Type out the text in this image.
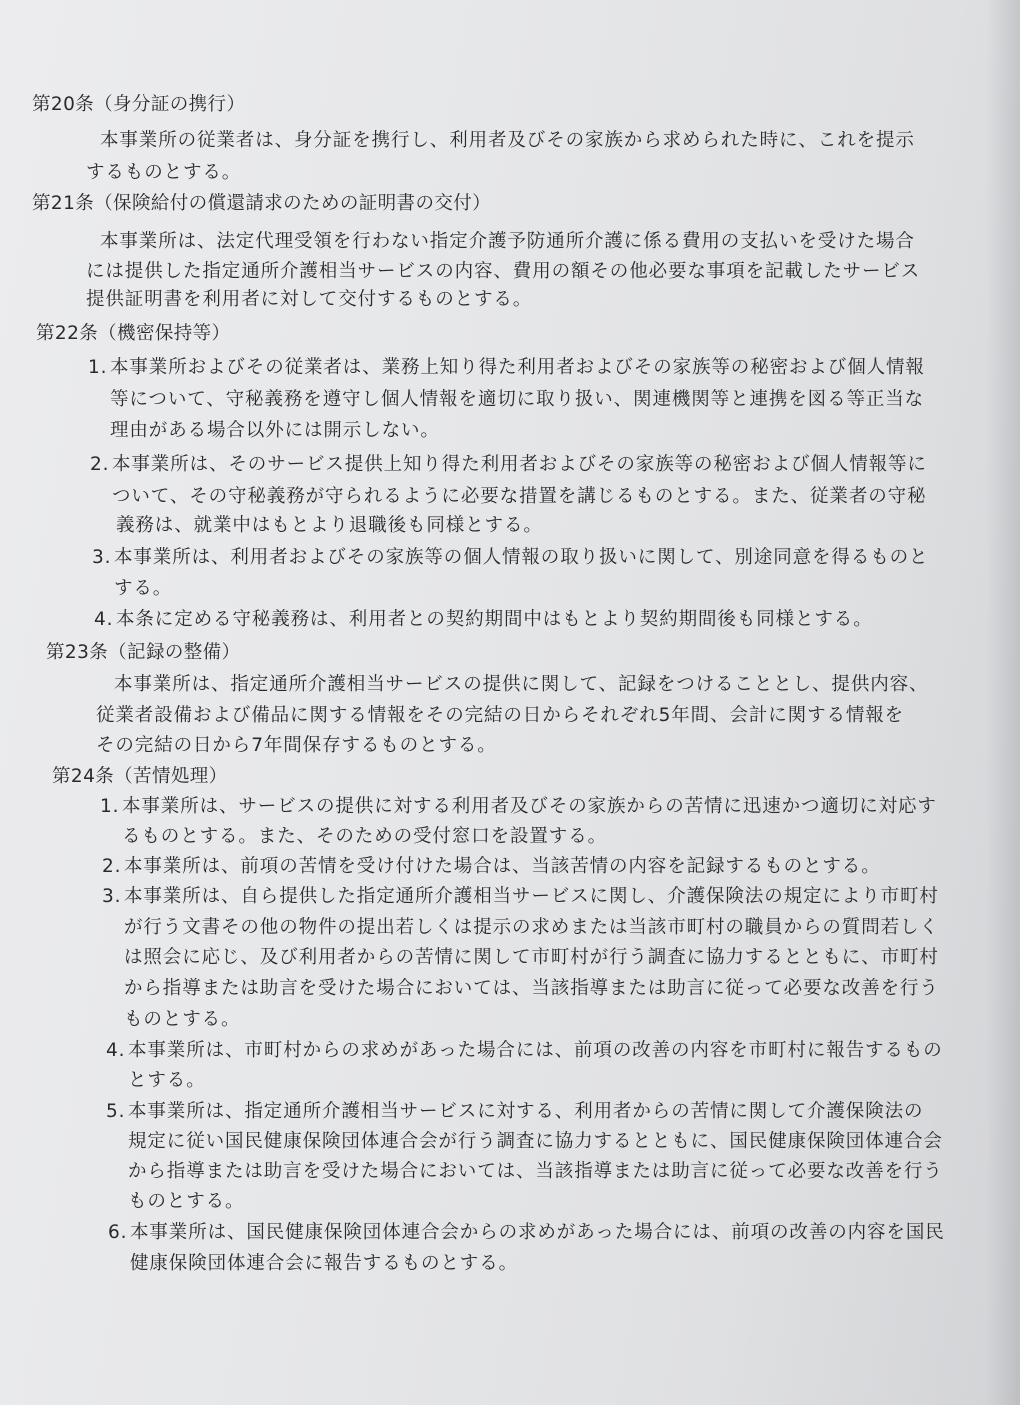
第20条（身分証の携行）
本事業所の従業者は、身分証を携行し、利用者及びその家族から求められた時に、これを提示
するものとする。
第21条（保険給付の償還請求のための証明書の交付）
本事業所は、法定代理受領を行わない指定介護予防通所介護に係る費用の支払いを受けた場合
には提供した指定通所介護相当サービスの内容、費用の額その他必要な事項を記載したサービス
提供証明書を利用者に対して交付するものとする。
第22条（機密保持等）
1. 本事業所およびその従業者は、業務上知り得た利用者およびその家族等の秘密および個人情報
等について、守秘義務を遵守し個人情報を適切に取り扱い、関連機関等と連携を図る等正当な
理由がある場合以外には開示しない。
2. 本事業所は、そのサービス提供上知り得た利用者およびその家族等の秘密および個人情報等に
ついて、その守秘義務が守られるように必要な措置を講じるものとする。また、従業者の守秘
義務は、就業中はもとより退職後も同様とする。
3. 本事業所は、利用者およびその家族等の個人情報の取り扱いに関して、別途同意を得るものと
する。
4. 本条に定める守秘義務は、利用者との契約期間中はもとより契約期間後も同様とする。
第23条（記録の整備）
本事業所は、指定通所介護相当サービスの提供に関して、記録をつけることとし、提供内容、
従業者設備および備品に関する情報をその完結の日からそれぞれ5年間、会計に関する情報を
その完結の日から7年間保存するものとする。
第24条（苦情処理）
1. 本事業所は、サービスの提供に対する利用者及びその家族からの苦情に迅速かつ適切に対応す
るものとする。また、そのための受付窓口を設置する。
2. 本事業所は、前項の苦情を受け付けた場合は、当該苦情の内容を記録するものとする。
3. 本事業所は、自ら提供した指定通所介護相当サービスに関し、介護保険法の規定により市町村
が行う文書その他の物件の提出若しくは提示の求めまたは当該市町村の職員からの質問若しく
は照会に応じ、及び利用者からの苦情に関して市町村が行う調査に協力するとともに、市町村
から指導または助言を受けた場合においては、当該指導または助言に従って必要な改善を行う
ものとする。
4. 本事業所は、市町村からの求めがあった場合には、前項の改善の内容を市町村に報告するもの
とする。
5. 本事業所は、指定通所介護相当サービスに対する、利用者からの苦情に関して介護保険法の
規定に従い国民健康保険団体連合会が行う調査に協力するとともに、国民健康保険団体連合会
から指導または助言を受けた場合においては、当該指導または助言に従って必要な改善を行う
ものとする。
6. 本事業所は、国民健康保険団体連合会からの求めがあった場合には、前項の改善の内容を国民
健康保険団体連合会に報告するものとする。
